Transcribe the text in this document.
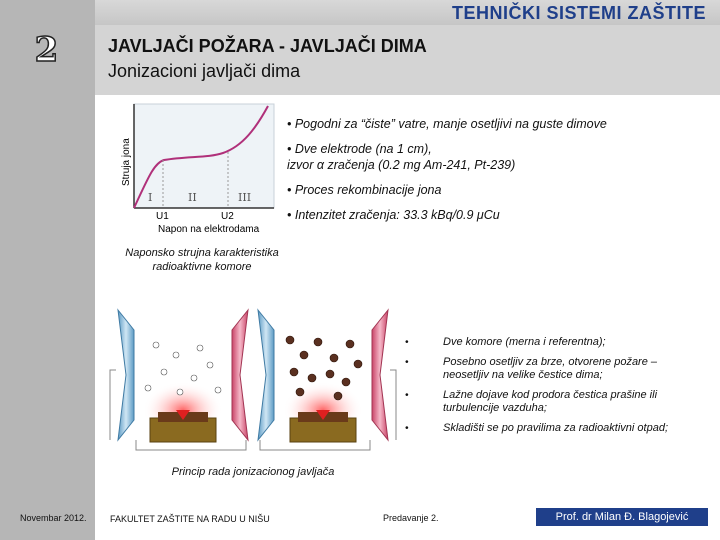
2
TEHNIČKI SISTEMI ZAŠTITE
JAVLJAČI POŽARA - JAVLJAČI DIMA
Jonizacioni javljači dima
I	II	III
U1	U2
Napon na elektrodama
Struja jona
Naponsko strujna karakteristika radioaktivne komore
• Pogodni za “čiste” vatre, manje osetljivi na guste dimove
• Dve elektrode (na 1 cm),
izvor α zračenja (0.2 mg Am-241, Pt-239)
• Proces rekombinacije jona
• Intenzitet zračenja: 33.3 kBq/0.9 μCu
Princip rada jonizacionog javljača
•	Dve komore (merna i referentna);
•	Posebno osetljiv za brze, otvorene požare – neosetljiv na velike čestice dima;
•	Lažne dojave kod prodora čestica prašine ili turbulencije vazduha;
•	Skladišti se po pravilima za radioaktivni otpad;
Novembar 2012.	FAKULTET ZAŠTITE NA RADU U NIŠU	Predavanje 2.	Prof. dr Milan Đ. Blagojević
